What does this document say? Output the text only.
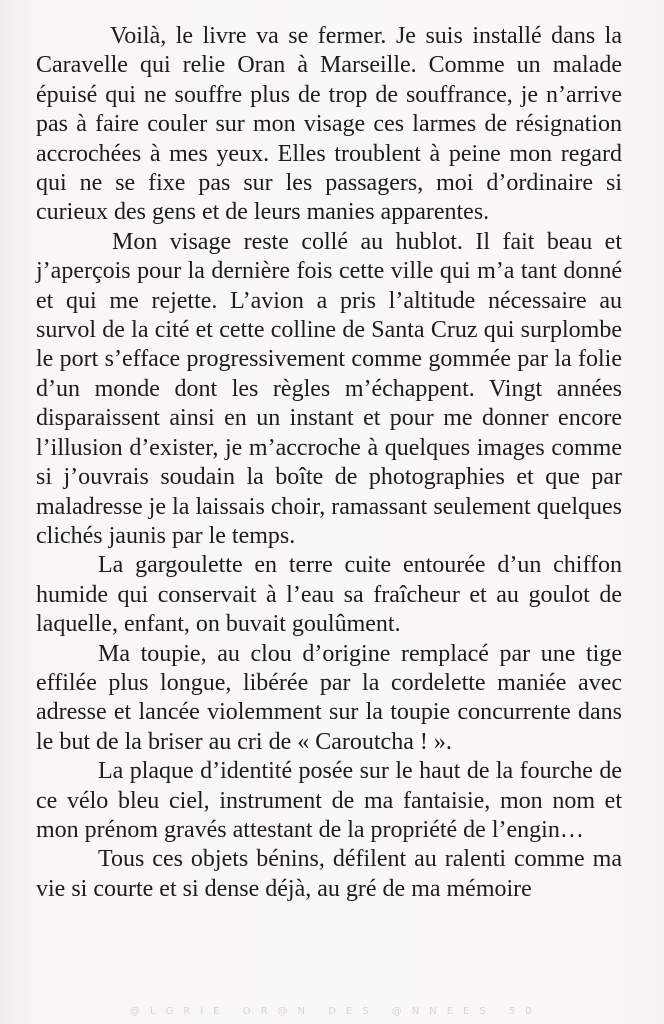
Voilà, le livre va se fermer. Je suis installé dans la Caravelle qui relie Oran à Marseille. Comme un malade épuisé qui ne souffre plus de trop de souffrance, je n’arrive pas à faire couler sur mon visage ces larmes de résignation accrochées à mes yeux. Elles troublent à peine mon regard qui ne se fixe pas sur les passagers, moi d’ordinaire si curieux des gens et de leurs manies apparentes.

Mon visage reste collé au hublot. Il fait beau et j’aperçois pour la dernière fois cette ville qui m’a tant donné et qui me rejette. L’avion a pris l’altitude nécessaire au survol de la cité et cette colline de Santa Cruz qui surplombe le port s’efface progressivement comme gommée par la folie d’un monde dont les règles m’échappent. Vingt années disparaissent ainsi en un instant et pour me donner encore l’illusion d’exister, je m’accroche à quelques images comme si j’ouvrais soudain la boîte de photographies et que par maladresse je la laissais choir, ramassant seulement quelques clichés jaunis par le temps.

La gargoulette en terre cuite entourée d’un chiffon humide qui conservait à l’eau sa fraîcheur et au goulot de laquelle, enfant, on buvait goulûment.

Ma toupie, au clou d’origine remplacé par une tige effilée plus longue, libérée par la cordelette maniée avec adresse et lancée violemment sur la toupie concurrente dans le but de la briser au cri de « Caroutcha ! ».

La plaque d’identité posée sur le haut de la fourche de ce vélo bleu ciel, instrument de ma fantaisie, mon nom et mon prénom gravés attestant de la propriété de l’engin…

Tous ces objets bénins, défilent au ralenti comme ma vie si courte et si dense déjà, au gré de ma mémoire

@LGRIE OR@N DES @NNEES 50
